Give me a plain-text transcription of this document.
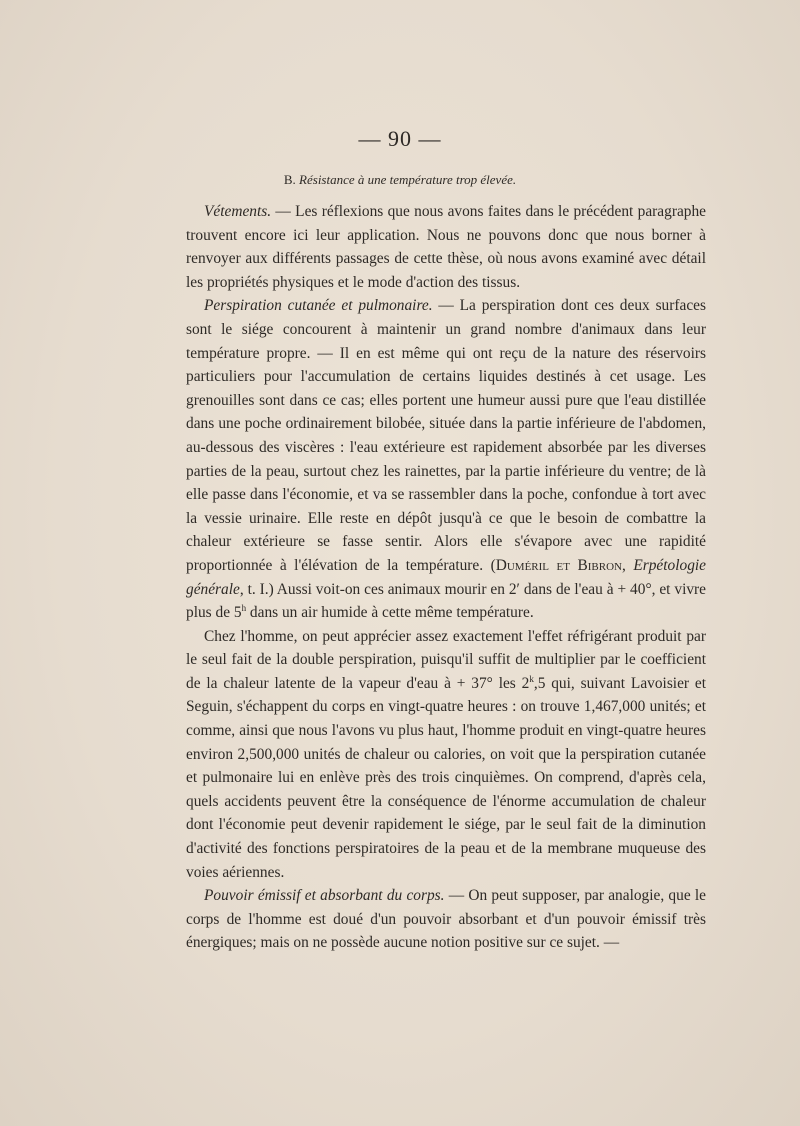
— 90 —
B. Résistance à une température trop élevée.

Vétements. — Les réflexions que nous avons faites dans le précédent paragraphe trouvent encore ici leur application. Nous ne pouvons donc que nous borner à renvoyer aux différents passages de cette thèse, où nous avons examiné avec détail les propriétés physiques et le mode d'action des tissus.

Perspiration cutanée et pulmonaire. — La perspiration dont ces deux surfaces sont le siége concourent à maintenir un grand nombre d'animaux dans leur température propre. — Il en est même qui ont reçu de la nature des réservoirs particuliers pour l'accumulation de certains liquides destinés à cet usage. Les grenouilles sont dans ce cas; elles portent une humeur aussi pure que l'eau distillée dans une poche ordinairement bilobée, située dans la partie inférieure de l'abdomen, au-dessous des viscères : l'eau extérieure est rapidement absorbée par les diverses parties de la peau, surtout chez les rainettes, par la partie inférieure du ventre; de là elle passe dans l'économie, et va se rassembler dans la poche, confondue à tort avec la vessie urinaire. Elle reste en dépôt jusqu'à ce que le besoin de combattre la chaleur extérieure se fasse sentir. Alors elle s'évapore avec une rapidité proportionnée à l'élévation de la température. (Duméril et Bibron, Erpétologie générale, t. I.) Aussi voit-on ces animaux mourir en 2′ dans de l'eau à + 40°, et vivre plus de 5$^h$ dans un air humide à cette même température.

Chez l'homme, on peut apprécier assez exactement l'effet réfrigérant produit par le seul fait de la double perspiration, puisqu'il suffit de multiplier par le coefficient de la chaleur latente de la vapeur d'eau à + 37° les 2$^k$,5 qui, suivant Lavoisier et Seguin, s'échappent du corps en vingt-quatre heures : on trouve 1,467,000 unités; et comme, ainsi que nous l'avons vu plus haut, l'homme produit en vingt-quatre heures environ 2,500,000 unités de chaleur ou calories, on voit que la perspiration cutanée et pulmonaire lui en enlève près des trois cinquièmes. On comprend, d'après cela, quels accidents peuvent être la conséquence de l'énorme accumulation de chaleur dont l'économie peut devenir rapidement le siége, par le seul fait de la diminution d'activité des fonctions perspiratoires de la peau et de la membrane muqueuse des voies aériennes.

Pouvoir émissif et absorbant du corps. — On peut supposer, par analogie, que le corps de l'homme est doué d'un pouvoir absorbant et d'un pouvoir émissif très énergiques; mais on ne possède aucune notion positive sur ce sujet. —
